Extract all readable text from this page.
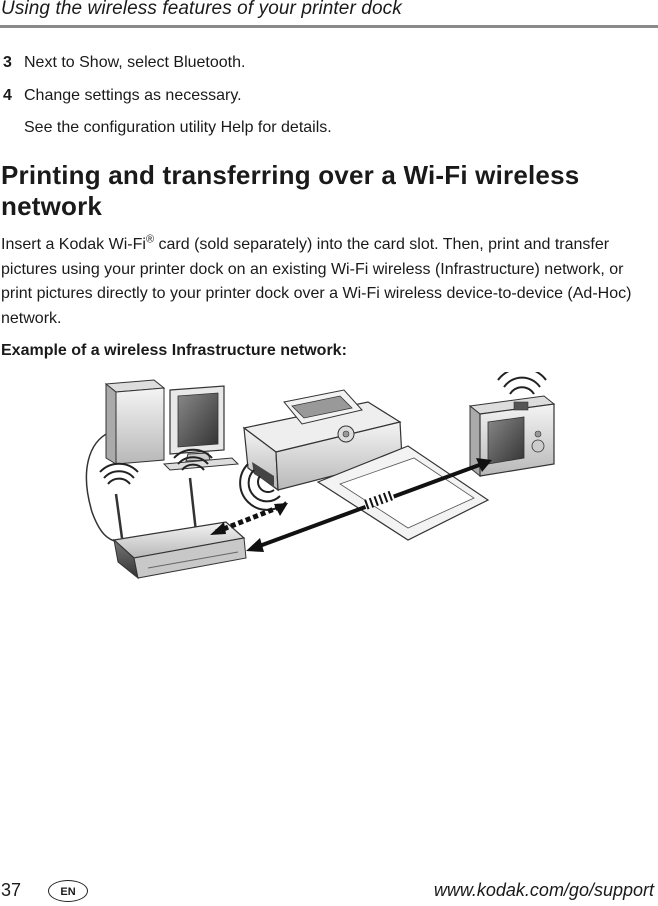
Using the wireless features of your printer dock
3 Next to Show, select Bluetooth.
4 Change settings as necessary.
See the configuration utility Help for details.
Printing and transferring over a Wi-Fi wireless network
Insert a Kodak Wi-Fi® card (sold separately) into the card slot. Then, print and transfer pictures using your printer dock on an existing Wi-Fi wireless (Infrastructure) network, or print pictures directly to your printer dock over a Wi-Fi wireless device-to-device (Ad-Hoc) network.
Example of a wireless Infrastructure network:
37	EN	www.kodak.com/go/support
